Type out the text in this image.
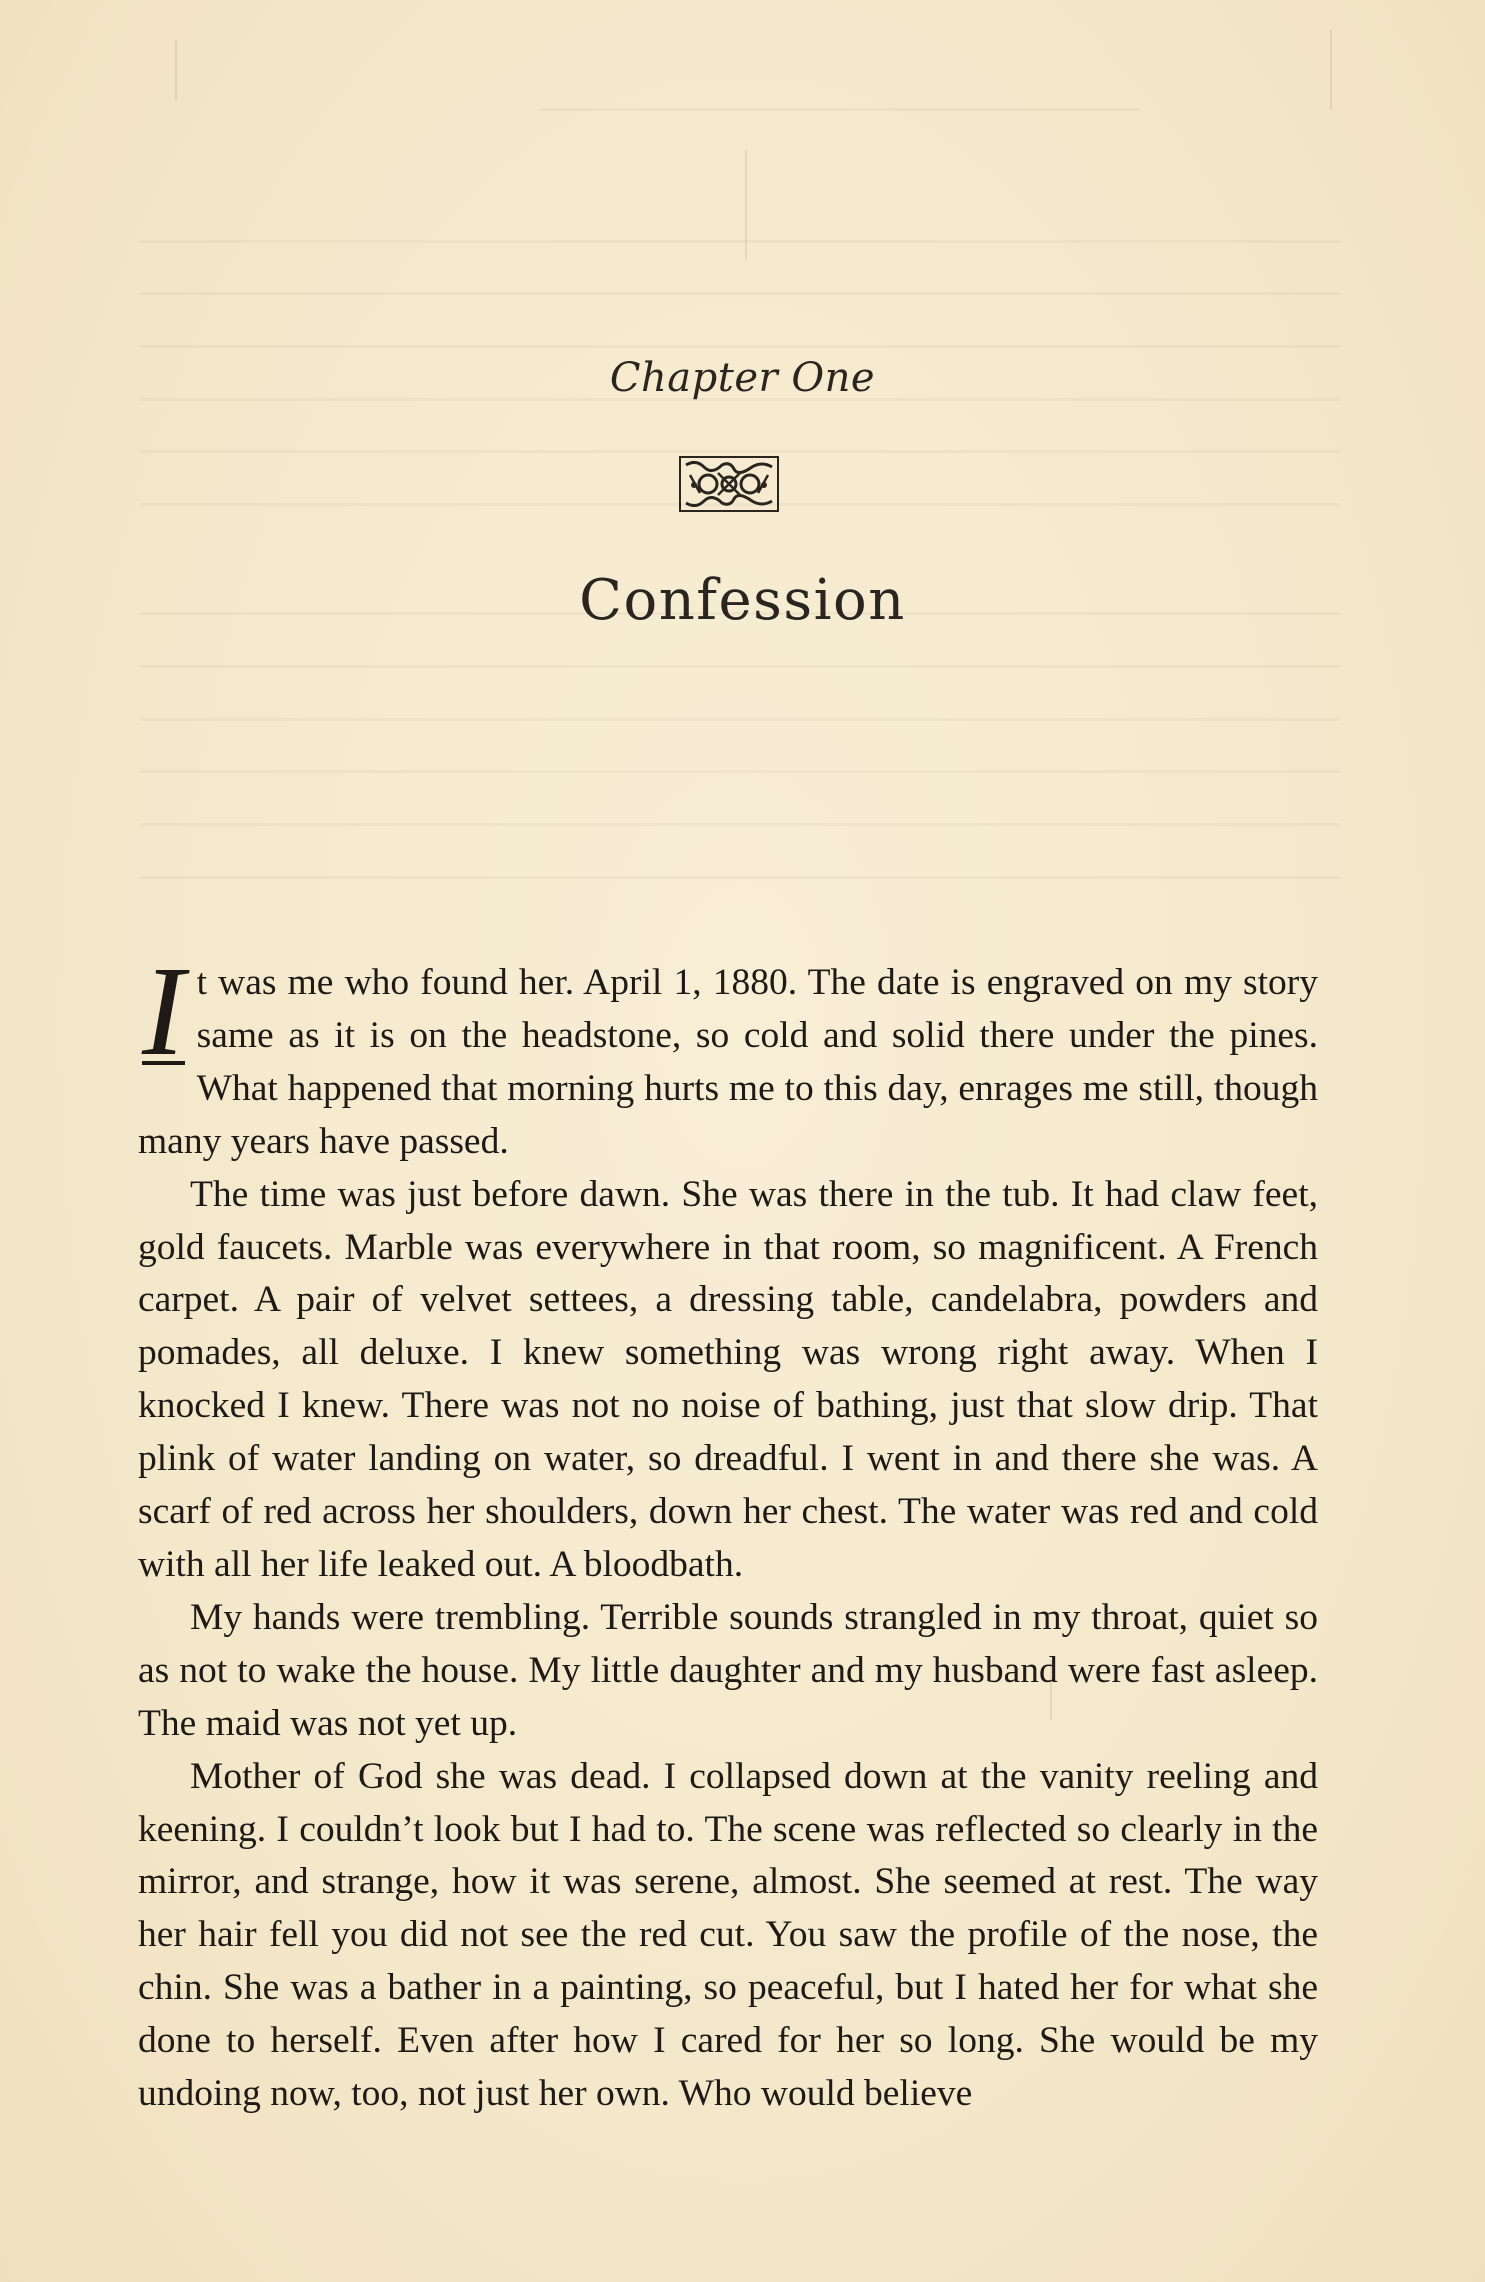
Chapter One
Confession

I t was me who found her. April 1, 1880. The date is engraved on my story same as it is on the headstone, so cold and solid there under the pines. What happened that morning hurts me to this day, enrages me still, though many years have passed.

The time was just before dawn. She was there in the tub. It had claw feet, gold faucets. Marble was everywhere in that room, so magnificent. A French carpet. A pair of velvet settees, a dressing table, candelabra, powders and pomades, all deluxe. I knew something was wrong right away. When I knocked I knew. There was not no noise of bathing, just that slow drip. That plink of water landing on water, so dreadful. I went in and there she was. A scarf of red across her shoulders, down her chest. The water was red and cold with all her life leaked out. A bloodbath.

My hands were trembling. Terrible sounds strangled in my throat, quiet so as not to wake the house. My little daughter and my husband were fast asleep. The maid was not yet up.

Mother of God she was dead. I collapsed down at the vanity reeling and keening. I couldn’t look but I had to. The scene was reflected so clearly in the mirror, and strange, how it was serene, almost. She seemed at rest. The way her hair fell you did not see the red cut. You saw the profile of the nose, the chin. She was a bather in a painting, so peaceful, but I hated her for what she done to herself. Even after how I cared for her so long. She would be my undoing now, too, not just her own. Who would believe
